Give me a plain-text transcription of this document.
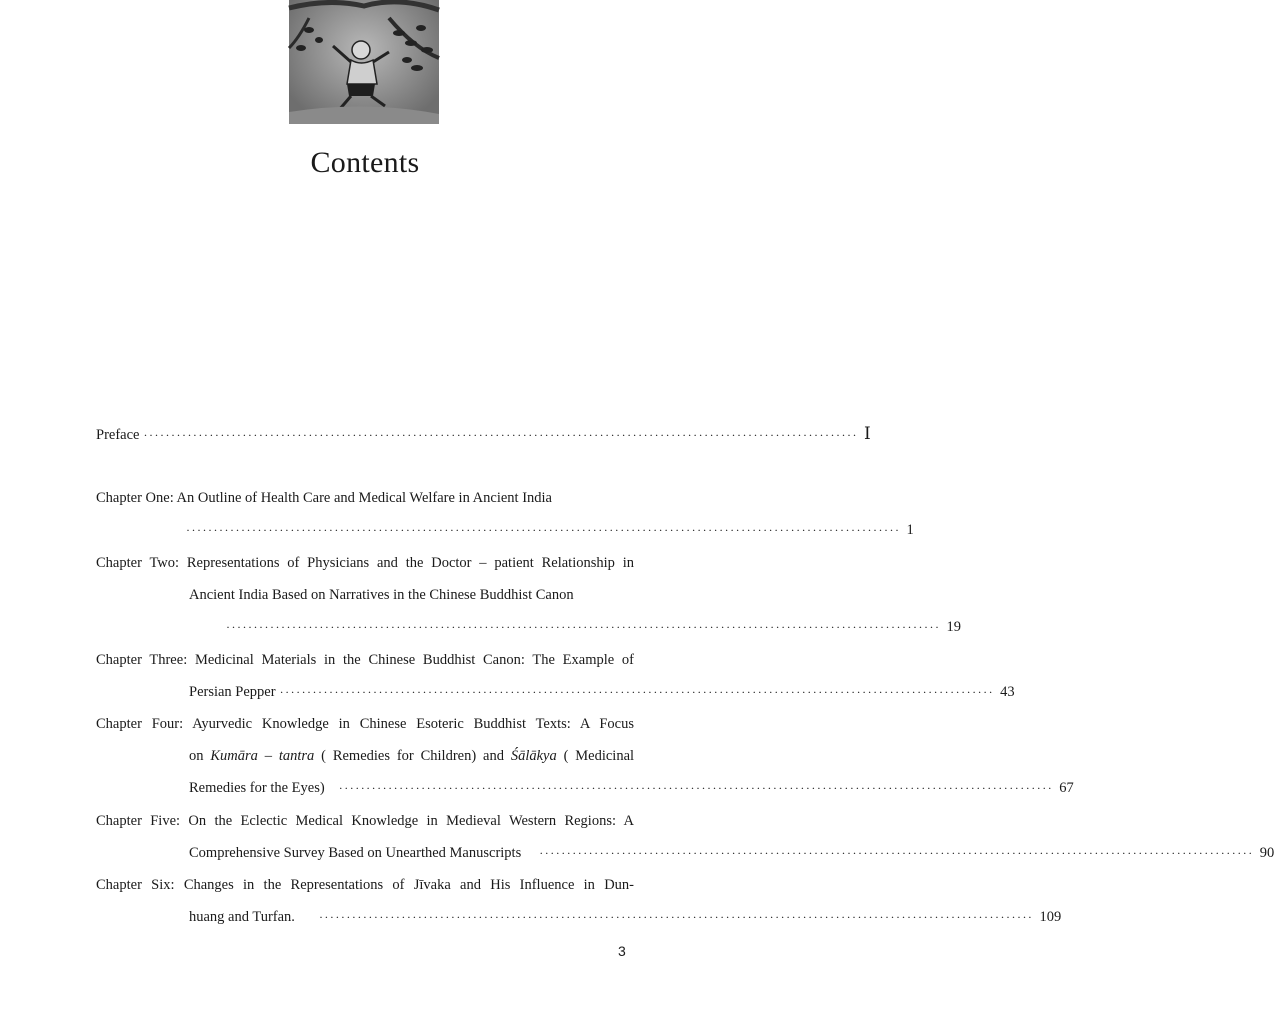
Contents
Preface ·································································································································· Ⅰ
Chapter One: An Outline of Health Care and Medical Welfare in Ancient India
·································································································································· 1
Chapter Two: Representations of Physicians and the Doctor – patient Relationship in
Ancient India Based on Narratives in the Chinese Buddhist Canon
·································································································································· 19
Chapter Three: Medicinal Materials in the Chinese Buddhist Canon: The Example of
Persian Pepper ·································································································································· 43
Chapter Four: Ayurvedic Knowledge in Chinese Esoteric Buddhist Texts: A Focus
on Kumāra – tantra ( Remedies for Children) and Śālākya ( Medicinal
Remedies for the Eyes) ·································································································································· 67
Chapter Five: On the Eclectic Medical Knowledge in Medieval Western Regions: A
Comprehensive Survey Based on Unearthed Manuscripts ·································································································································· 90
Chapter Six: Changes in the Representations of Jīvaka and His Influence in Dun-
huang and Turfan. ·································································································································· 109
3
